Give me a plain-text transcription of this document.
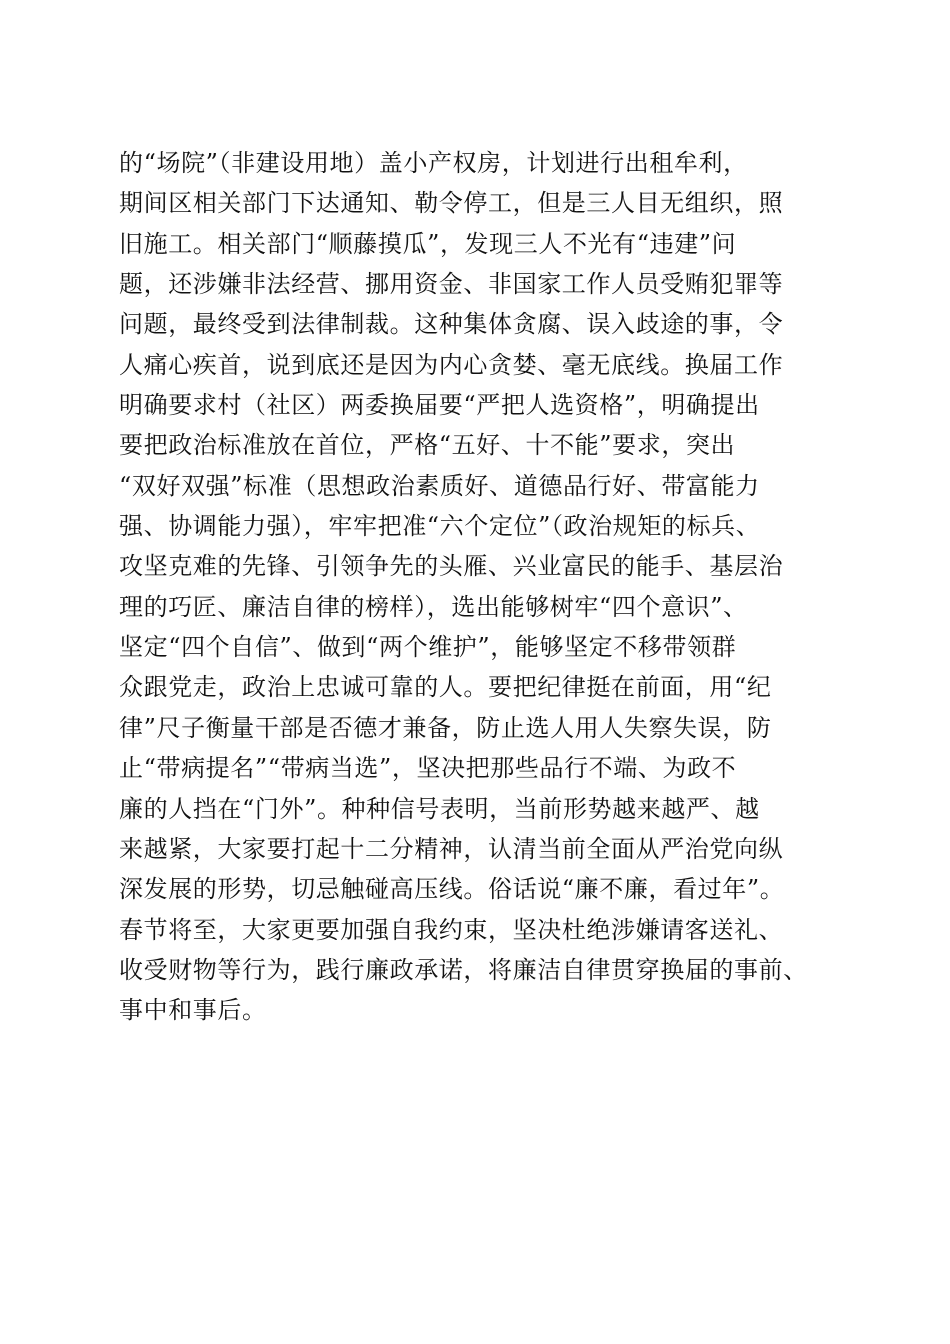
的“场院”（非建设用地）盖小产权房，计划进行出租牟利，
期间区相关部门下达通知、勒令停工，但是三人目无组织，照
旧施工。相关部门“顺藤摸瓜”，发现三人不光有“违建”问
题，还涉嫌非法经营、挪用资金、非国家工作人员受贿犯罪等
问题，最终受到法律制裁。这种集体贪腐、误入歧途的事，令
人痛心疾首，说到底还是因为内心贪婪、毫无底线。换届工作
明确要求村（社区）两委换届要“严把人选资格”，明确提出
要把政治标准放在首位，严格“五好、十不能”要求，突出
“双好双强”标准（思想政治素质好、道德品行好、带富能力
强、协调能力强），牢牢把准“六个定位”（政治规矩的标兵、
攻坚克难的先锋、引领争先的头雁、兴业富民的能手、基层治
理的巧匠、廉洁自律的榜样），选出能够树牢“四个意识”、
坚定“四个自信”、做到“两个维护”，能够坚定不移带领群
众跟党走，政治上忠诚可靠的人。要把纪律挺在前面，用“纪
律”尺子衡量干部是否德才兼备，防止选人用人失察失误，防
止“带病提名”“带病当选”，坚决把那些品行不端、为政不
廉的人挡在“门外”。种种信号表明，当前形势越来越严、越
来越紧，大家要打起十二分精神，认清当前全面从严治党向纵
深发展的形势，切忌触碰高压线。俗话说“廉不廉，看过年”。
春节将至，大家更要加强自我约束，坚决杜绝涉嫌请客送礼、
收受财物等行为，践行廉政承诺，将廉洁自律贯穿换届的事前、
事中和事后。
